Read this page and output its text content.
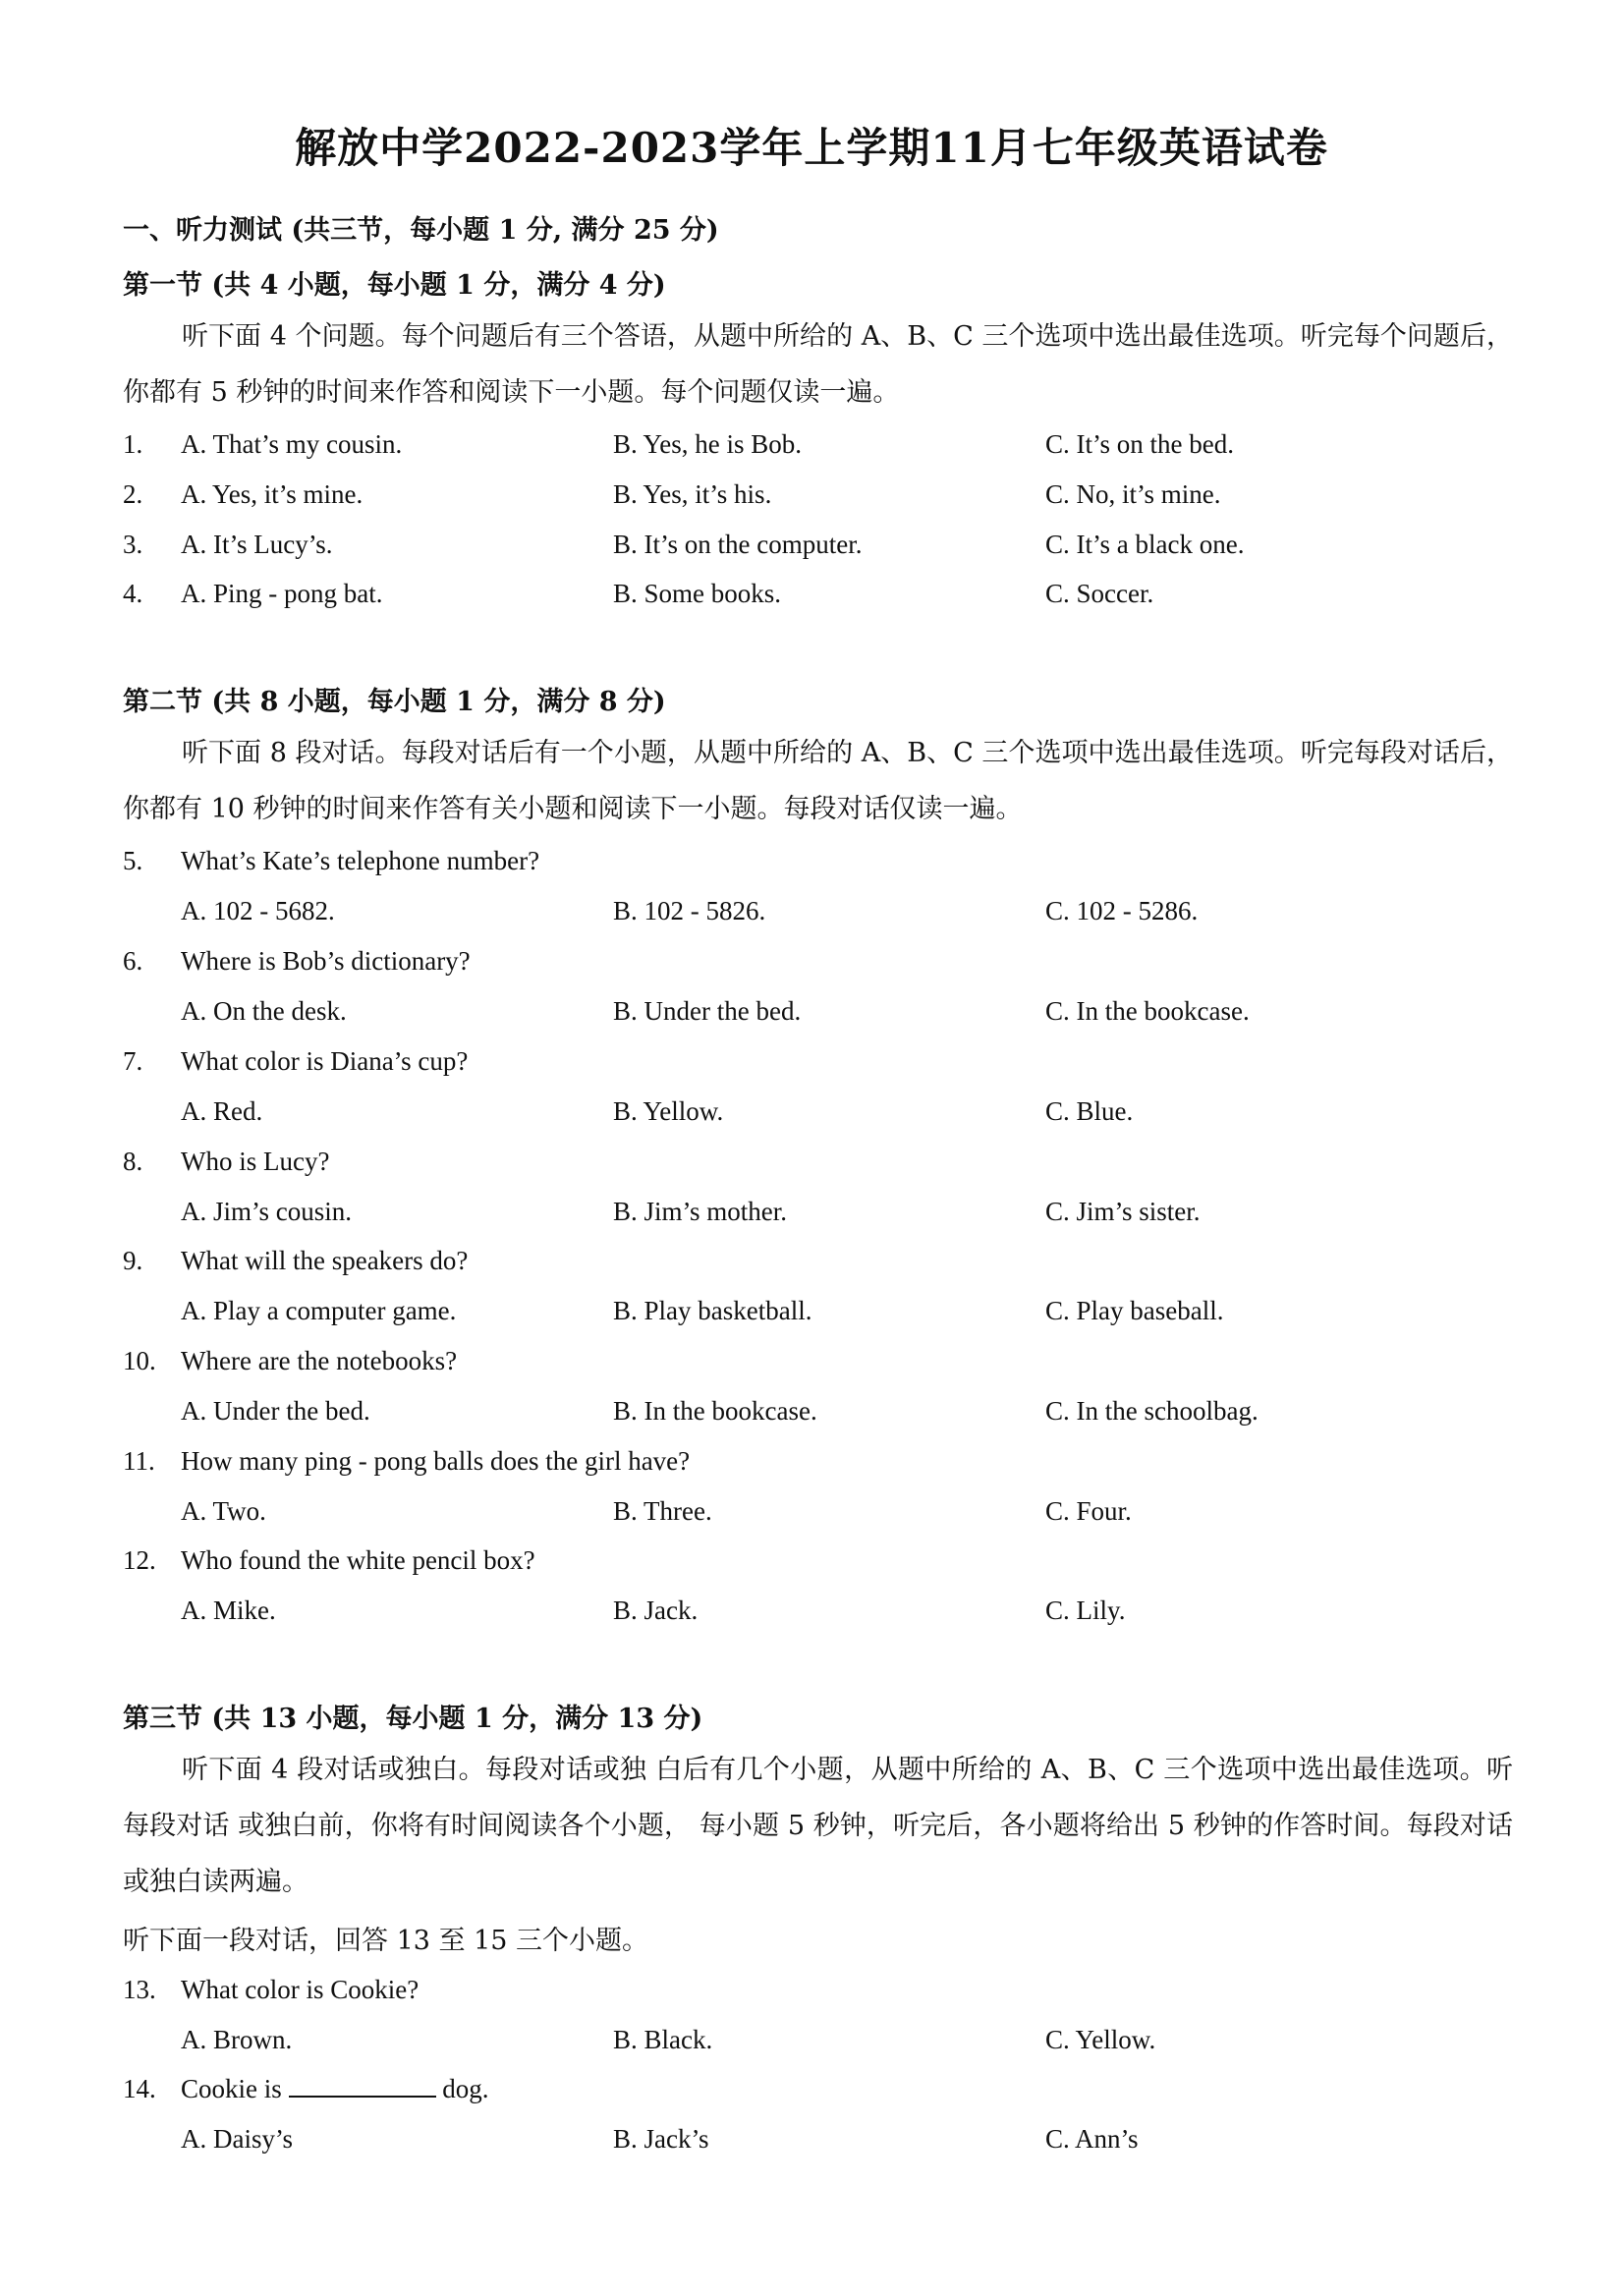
解放中学2022-2023学年上学期11月七年级英语试卷
一、听力测试 (共三节，每小题 1 分, 满分 25 分)
第一节 (共 4 小题，每小题 1 分，满分 4 分)
听下面 4 个问题。每个问题后有三个答语，从题中所给的 A、B、C 三个选项中选出最佳选项。听完每个问题后，你都有 5 秒钟的时间来作答和阅读下一小题。每个问题仅读一遍。
1. A. That’s my cousin.	B. Yes, he is Bob.	C. It’s on the bed.
2. A. Yes, it’s mine.	B. Yes, it’s his.	C. No, it’s mine.
3. A. It’s Lucy’s.	B. It’s on the computer.	C. It’s a black one.
4. A. Ping - pong bat.	B. Some books.	C. Soccer.
第二节 (共 8 小题，每小题 1 分，满分 8 分)
听下面 8 段对话。每段对话后有一个小题，从题中所给的 A、B、C 三个选项中选出最佳选项。听完每段对话后，你都有 10 秒钟的时间来作答有关小题和阅读下一小题。每段对话仅读一遍。
5. What’s Kate’s telephone number?
A. 102 - 5682.	B. 102 - 5826.	C. 102 - 5286.
6. Where is Bob’s dictionary?
A. On the desk.	B. Under the bed.	C. In the bookcase.
7. What color is Diana’s cup?
A. Red.	B. Yellow.	C. Blue.
8. Who is Lucy?
A. Jim’s cousin.	B. Jim’s mother.	C. Jim’s sister.
9. What will the speakers do?
A. Play a computer game.	B. Play basketball.	C. Play baseball.
10. Where are the notebooks?
A. Under the bed.	B. In the bookcase.	C. In the schoolbag.
11. How many ping - pong balls does the girl have?
A. Two.	B. Three.	C. Four.
12. Who found the white pencil box?
A. Mike.	B. Jack.	C. Lily.
第三节 (共 13 小题，每小题 1 分，满分 13 分)
听下面 4 段对话或独白。每段对话或独 白后有几个小题，从题中所给的 A、B、C 三个选项中选出最佳选项。听每段对话 或独白前，你将有时间阅读各个小题， 每小题 5 秒钟，听完后，各小题将给出 5 秒钟的作答时间。每段对话或独白读两遍。
听下面一段对话，回答 13 至 15 三个小题。
13. What color is Cookie?
A. Brown.	B. Black.	C. Yellow.
14. Cookie is	dog.
A. Daisy’s	B. Jack’s	C. Ann’s
